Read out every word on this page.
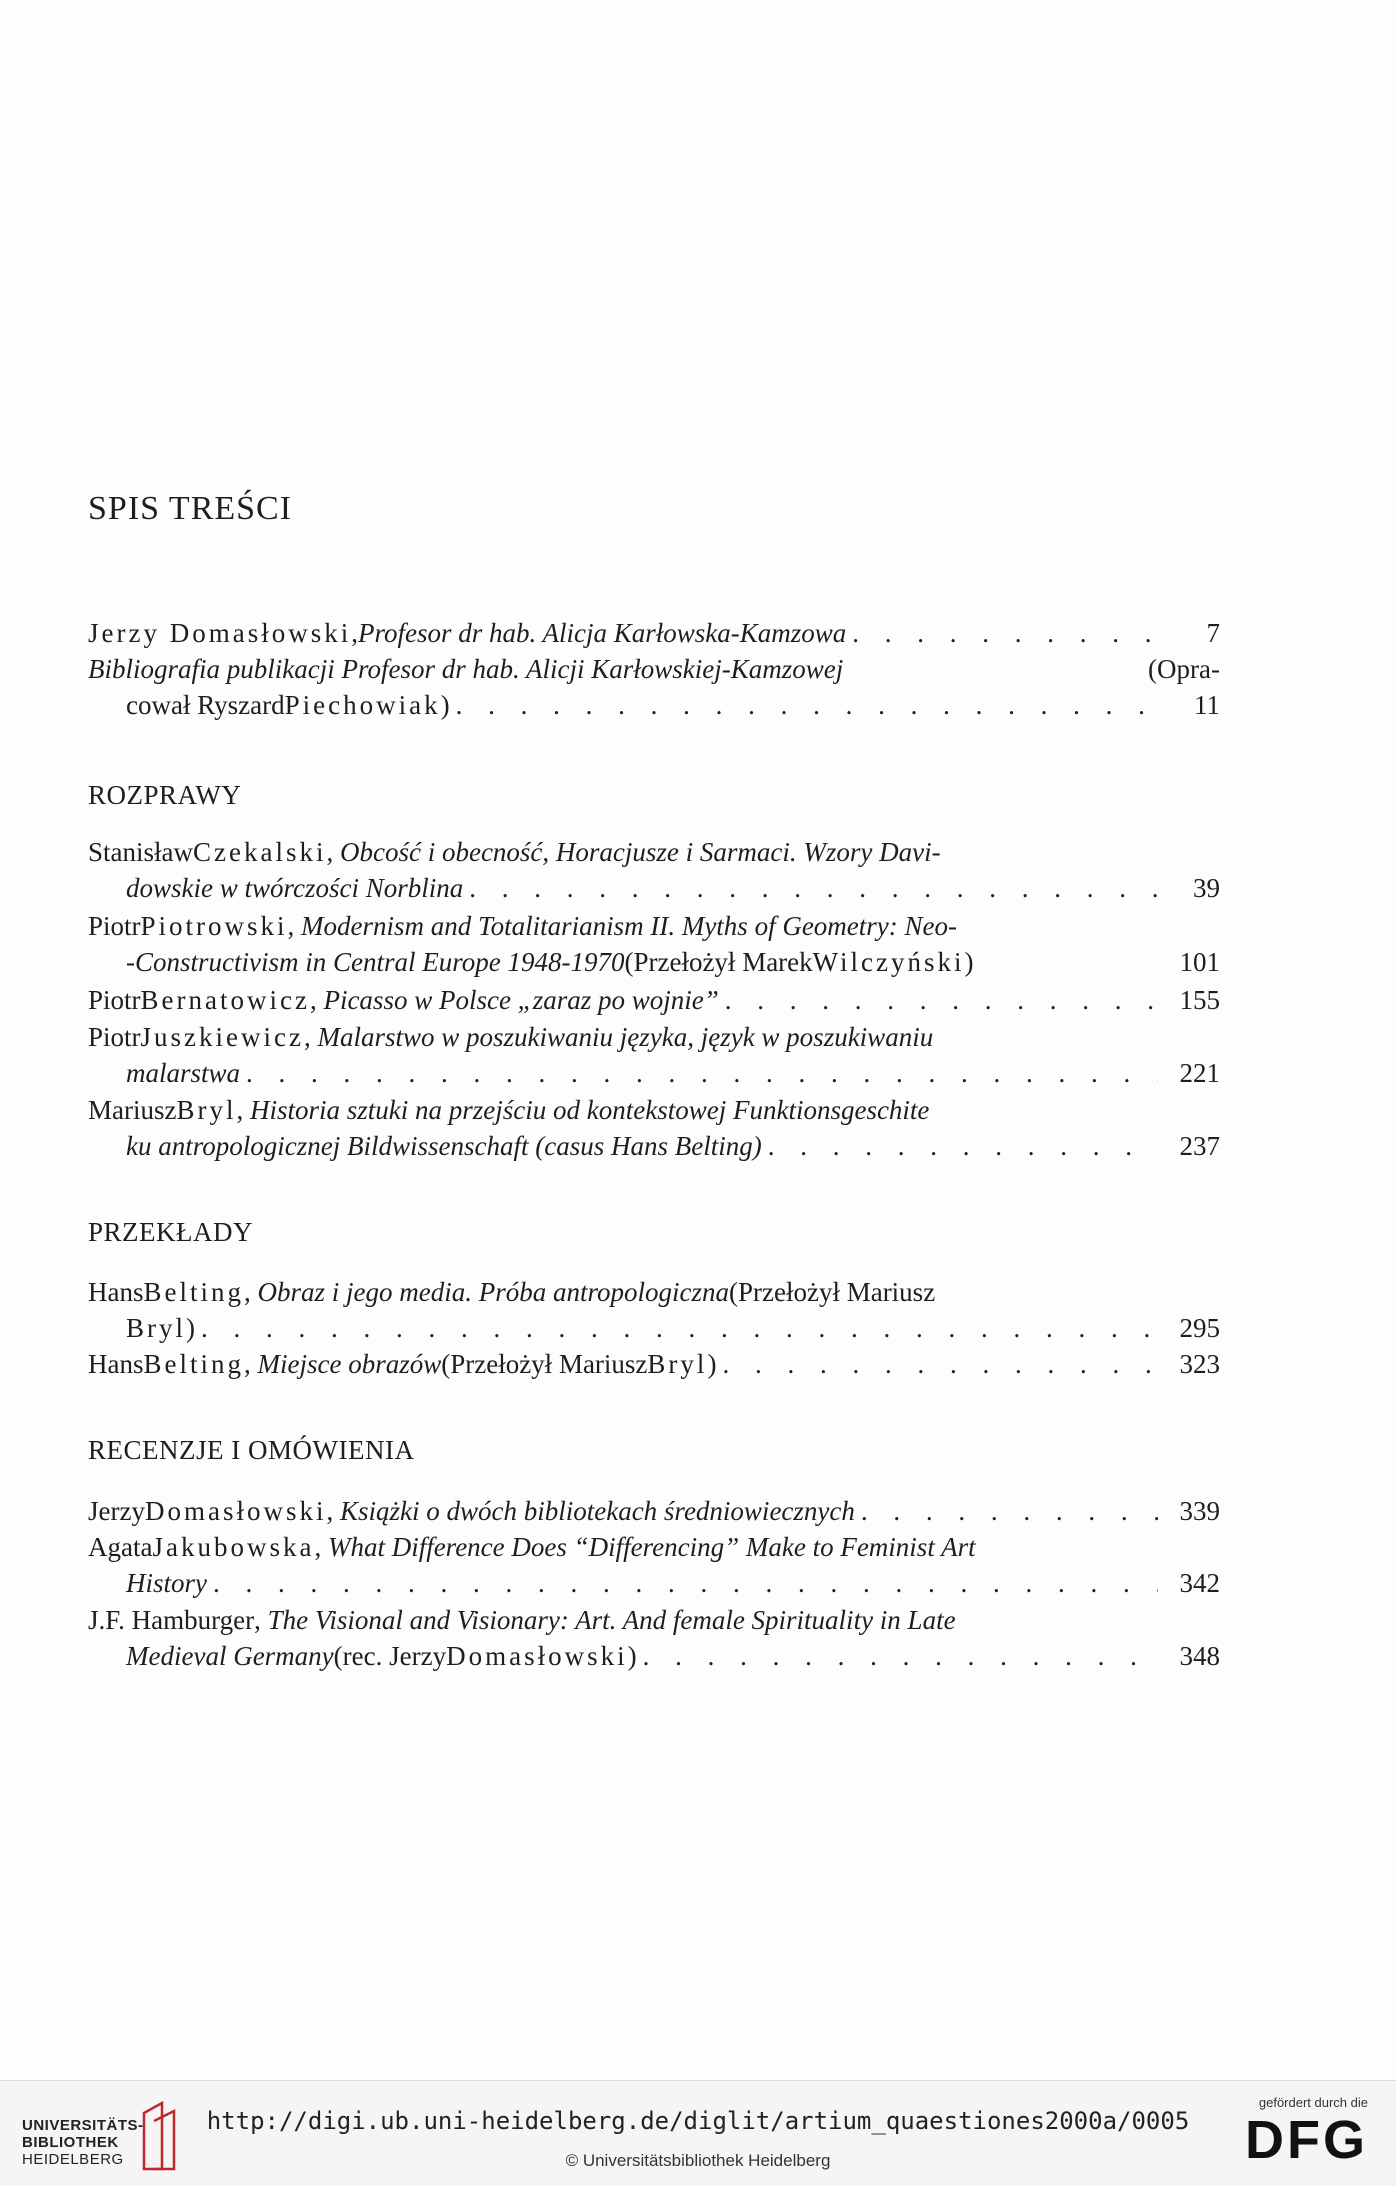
SPIS TREŚCI
Jerzy Domasłowski , Profesor dr hab. Alicja Karłowska-Kamzowa . . .	7
Bibliografia publikacji Profesor dr hab. Alicji Karłowskiej-Kamzowej	(Opra-
cował Ryszard Piechowiak ) . . .	11
ROZPRAWY
Stanisław Czekalski , Obcość i obecność, Horacjusze i Sarmaci. Wzory Davi-
dowskie w twórczości Norblina . . .	39
Piotr Piotrowski , Modernism and Totalitarianism II. Myths of Geometry: Neo-
-Constructivism in Central Europe 1948-1970 (Przełożył Marek Wilczyński )	101
Piotr Bernatowicz , Picasso w Polsce „zaraz po wojnie” . . .	155
Piotr Juszkiewicz , Malarstwo w poszukiwaniu języka, język w poszukiwaniu
malarstwa . . .	221
Mariusz Bryl , Historia sztuki na przejściu od kontekstowej Funktionsgeschite
ku antropologicznej Bildwissenschaft (casus Hans Belting) . . .	237
PRZEKŁADY
Hans Belting , Obraz i jego media. Próba antropologiczna (Przełożył Mariusz
Bryl ) . . .	295
Hans Belting , Miejsce obrazów (Przełożył Mariusz Bryl ) . . .	323
RECENZJE I OMÓWIENIA
Jerzy Domasłowski , Książki o dwóch bibliotekach średniowiecznych . . .	339
Agata Jakubowska , What Difference Does “Differencing” Make to Feminist Art
History . . .	342
J.F. Hamburger , The Visional and Visionary: Art. And female Spirituality in Late
Medieval Germany (rec. Jerzy Domasłowski ) . . .	348
UNIVERSITÄTS-
BIBLIOTHEK
HEIDELBERG
http://digi.ub.uni-heidelberg.de/diglit/artium_quaestiones2000a/0005
© Universitätsbibliothek Heidelberg
gefördert durch die
DFG
